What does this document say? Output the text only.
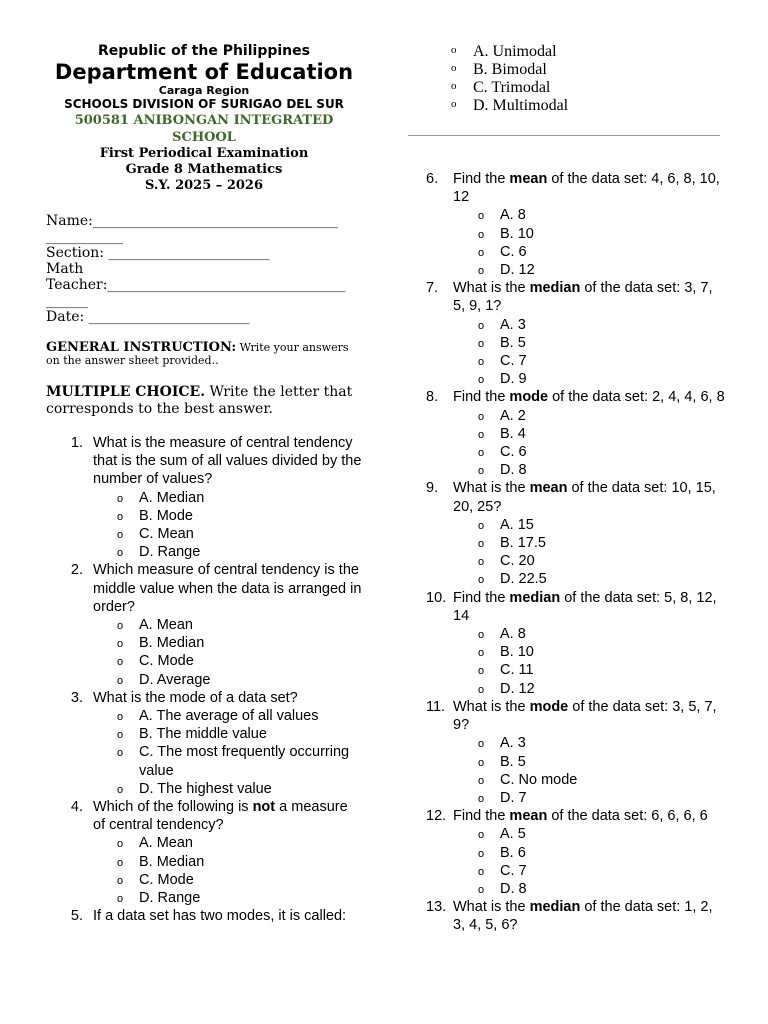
Republic of the Philippines
Department of Education
Caraga Region
SCHOOLS DIVISION OF SURIGAO DEL SUR
500581 ANIBONGAN INTEGRATED SCHOOL
First Periodical Examination
Grade 8 Mathematics
S.Y. 2025 – 2026
Name:___________________________________ ___________
Section: _______________________
Math
Teacher:__________________________________ ______
Date: _______________________
GENERAL INSTRUCTION: Write your answers on the answer sheet provided..
MULTIPLE CHOICE. Write the letter that corresponds to the best answer.
1. What is the measure of central tendency that is the sum of all values divided by the number of values?
o A. Median
o B. Mode
o C. Mean
o D. Range
2. Which measure of central tendency is the middle value when the data is arranged in order?
o A. Mean
o B. Median
o C. Mode
o D. Average
3. What is the mode of a data set?
o A. The average of all values
o B. The middle value
o C. The most frequently occurring value
o D. The highest value
4. Which of the following is not a measure of central tendency?
o A. Mean
o B. Median
o C. Mode
o D. Range
5. If a data set has two modes, it is called:
o A. Unimodal
o B. Bimodal
o C. Trimodal
o D. Multimodal
6. Find the mean of the data set: 4, 6, 8, 10, 12
o A. 8
o B. 10
o C. 6
o D. 12
7. What is the median of the data set: 3, 7, 5, 9, 1?
o A. 3
o B. 5
o C. 7
o D. 9
8. Find the mode of the data set: 2, 4, 4, 6, 8
o A. 2
o B. 4
o C. 6
o D. 8
9. What is the mean of the data set: 10, 15, 20, 25?
o A. 15
o B. 17.5
o C. 20
o D. 22.5
10. Find the median of the data set: 5, 8, 12, 14
o A. 8
o B. 10
o C. 11
o D. 12
11. What is the mode of the data set: 3, 5, 7, 9?
o A. 3
o B. 5
o C. No mode
o D. 7
12. Find the mean of the data set: 6, 6, 6, 6
o A. 5
o B. 6
o C. 7
o D. 8
13. What is the median of the data set: 1, 2, 3, 4, 5, 6?
